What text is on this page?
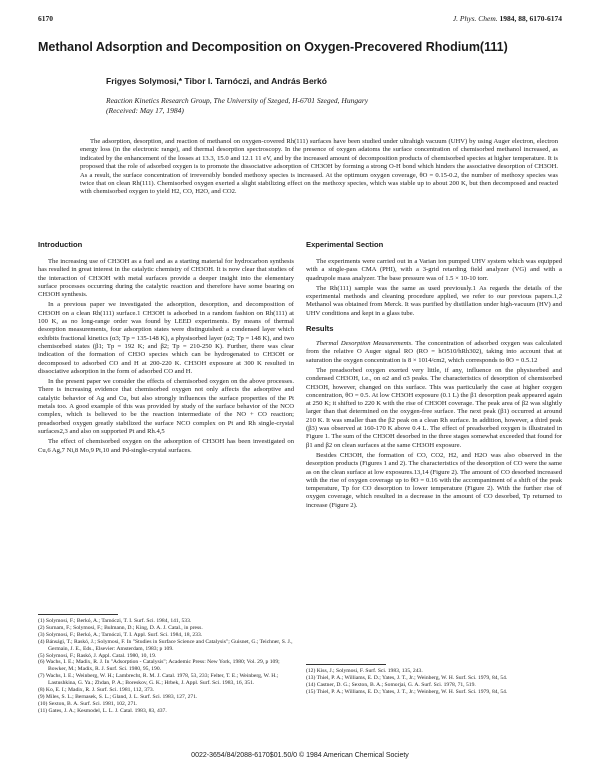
6170	J. Phys. Chem. 1984, 88, 6170-6174
Methanol Adsorption and Decomposition on Oxygen-Precovered Rhodium(111)
Frigyes Solymosi,* Tibor I. Tarnóczi, and András Berkó
Reaction Kinetics Research Group, The University of Szeged, H-6701 Szeged, Hungary
(Received: May 17, 1984)
The adsorption, desorption, and reaction of methanol on oxygen-covered Rh(111) surfaces have been studied under ultrahigh vacuum (UHV) by using Auger electron, electron energy loss (in the electronic range), and thermal desorption spectroscopy. In the presence of oxygen adatoms the surface concentration of chemisorbed methanol increased, as indicated by the enhancement of the losses at 13.3, 15.0 and 12.1 11 eV, and by the increased amount of decomposition products of chemisorbed species at higher temperature. It is proposed that the role of adsorbed oxygen is to promote the dissociative adsorption of CH3OH by forming a strong O-H bond which hinders the associative desorption of CH3OH. As a result, the surface concentration of irreversibly bonded methoxy species is increased. At the optimum oxygen coverage, θO = 0.15-0.2, the number of methoxy species was twice that on clean Rh(111). Chemisorbed oxygen exerted a slight stabilizing effect on the methoxy species, which was stable up to about 200 K, but then decomposed and reacted with chemisorbed oxygen to yield H2, CO, H2O, and CO2.
Introduction

The increasing use of CH3OH as a fuel and as a starting material for hydrocarbon synthesis has resulted in great interest in the catalytic chemistry of CH3OH. It is now clear that studies of the interaction of CH3OH with metal surfaces provide a deeper insight into the elementary surface processes occurring during the catalytic reaction and therefore have some bearing on CH3OH synthesis.

In a previous paper we investigated the adsorption, desorption, and decomposition of CH3OH on a clean Rh(111) surface.1 CH3OH is adsorbed in a random fashion on Rh(111) at 100 K, as no long-range order was found by LEED experiments. By means of thermal desorption measurements, four adsorption states were distinguished: a condensed layer which exhibits fractional kinetics (α3; Tp = 135-148 K), a physisorbed layer (α2; Tp = 148 K), and two chemisorbed states (β1; Tp = 192 K; and β2; Tp = 210-250 K). Further, there was clear indication of the formation of CH3O species which can be hydrogenated to CH3OH or decomposed to adsorbed CO and H at 200-220 K. CH3OH exposure at 300 K resulted in dissociative adsorption in the form of adsorbed CO and H.

In the present paper we consider the effects of chemisorbed oxygen on the above processes. There is increasing evidence that chemisorbed oxygen not only affects the adsorptive and catalytic behavior of Ag and Cu, but also strongly influences the surface properties of the Pt metals too. A good example of this was provided by study of the surface behavior of the NCO complex, which is believed to be the reaction intermediate of the NO + CO reaction; preadsorbed oxygen greatly stabilized the surface NCO complex on Pt and Rh single-crystal surfaces2,3 and also on supported Pt and Rh.4,5

The effect of chemisorbed oxygen on the adsorption of CH3OH has been investigated on Cu,6 Ag,7 Ni,8 Mo,9 Pt,10 and Pd-single-crystal surfaces.

Experimental Section

The experiments were carried out in a Varian ion pumped UHV system which was equipped with a single-pass CMA (PHI), with a 3-grid retarding field analyzer (VG) and with a quadrupole mass analyzer. The base pressure was of 1.5 × 10-10 torr.

The Rh(111) sample was the same as used previously.1 As regards the details of the experimental methods and cleaning procedure applied, we refer to our previous papers.1,2 Methanol was obtained from Merck. It was purified by distillation under high-vacuum (HV) and UHV conditions and kept in a glass tube.

Results

Thermal Desorption Measurements. The concentration of adsorbed oxygen was calculated from the relative O Auger signal RO (RO = hO510/hRh302), taking into account that at saturation the oxygen concentration is 8 × 1014/cm2, which corresponds to θO = 0.5.12

The preadsorbed oxygen exerted very little, if any, influence on the physisorbed and condensed CH3OH, i.e., on α2 and α3 peaks. The characteristics of desorption of chemisorbed CH3OH, however, changed on this surface. This was particularly the case at higher oxygen concentration, θO = 0.5. At low CH3OH exposure (0.1 L) the β1 desorption peak appeared again at 250 K; it shifted to 220 K with the rise of CH3OH coverage. The peak area of β2 was slightly larger than that determined on the oxygen-free surface. The next peak (β1) occurred at around 210 K. It was smaller than the β2 peak on a clean Rh surface. In addition, however, a third peak (β3) was observed at 160-170 K above 0.4 L. The effect of preadsorbed oxygen is illustrated in Figure 1. The sum of the CH3OH desorbed in the three stages somewhat exceeded that found for β1 and β2 on clean surfaces at the same CH3OH exposure.

Besides CH3OH, the formation of CO, CO2, H2, and H2O was also observed in the desorption products (Figures 1 and 2). The characteristics of the desorption of CO were the same as on the clean surface at low exposures.13,14 (Figure 2). The amount of CO desorbed increased with the rise of oxygen coverage up to θO = 0.16 with the accompaniment of a shift of the peak temperature, Tp for CO desorption to lower temperature (Figure 2). With the further rise of oxygen coverage, which resulted in a decrease in the amount of CO desorbed, Tp returned to increase (Figure 2).

(1) Solymosi, F.; Berkó, A.; Tarnóczi, T. I. Surf. Sci. 1984, 141, 533.
(2) Surnam, F.; Solymosi, F.; Bulmann, D.; King, D. A. J. Catal., in press.
(3) Solymosi, F.; Berkó, A.; Tarnóczi, T. I. Appl. Surf. Sci. 1984, 18, 233.
(4) Bánsági, T.; Raskó, J.; Solymosi, F. In "Studies in Surface Science and Catalysis"; Guisnet, G.; Teichner, S. J., Germain, J. E., Eds., Elsevier: Amsterdam, 1983; p 109.
(5) Solymosi, F.; Raskó, J. Appl. Catal. 1980, 10, 19.
(6) Wachs, I. E.; Madix, R. J. In "Adsorption - Catalysis"; Academic Press: New York, 1980; Vol. 29, p 109; Bowker, M.; Madix, R. J. Surf. Sci. 1980, 95, 190.
(7) Wachs, I. E.; Weinberg, W. H.; Lambrecht, R. M. J. Catal. 1978, 53, 233; Felter, T. E.; Weinberg, W. H.; Lastushkina, G. Ya.; Zhdan, P. A.; Boreskov, G. K.; Hrbek, J. Appl. Surf. Sci. 1983, 16, 351.
(8) Ko, E. I.; Madix, R. J. Surf. Sci. 1981, 112, 373.
(9) Miles, S. L.; Bernasek, S. L.; Gland, J. L. Surf. Sci. 1983, 127, 271.
(10) Sexton, B. A. Surf. Sci. 1981, 102, 271.
(11) Gates, J. A.; Kesmodel, L. L. J. Catal. 1983, 83, 437.
(12) Kiss, J.; Solymosi, F. Surf. Sci. 1983, 135, 243.
(13) Thiel, P. A.; Williams, E. D.; Yates, J. T., Jr.; Weinberg, W. H. Surf. Sci. 1979, 84, 54.
(14) Castner, D. G.; Sexton, B. A.; Somorjai, G. A. Surf. Sci. 1978, 71, 519.
(15) Thiel, P. A.; Williams, E. D.; Yates, J. T., Jr.; Weinberg, W. H. Surf. Sci. 1979, 84, 54.
0022-3654/84/2088-6170$01.50/0 © 1984 American Chemical Society
